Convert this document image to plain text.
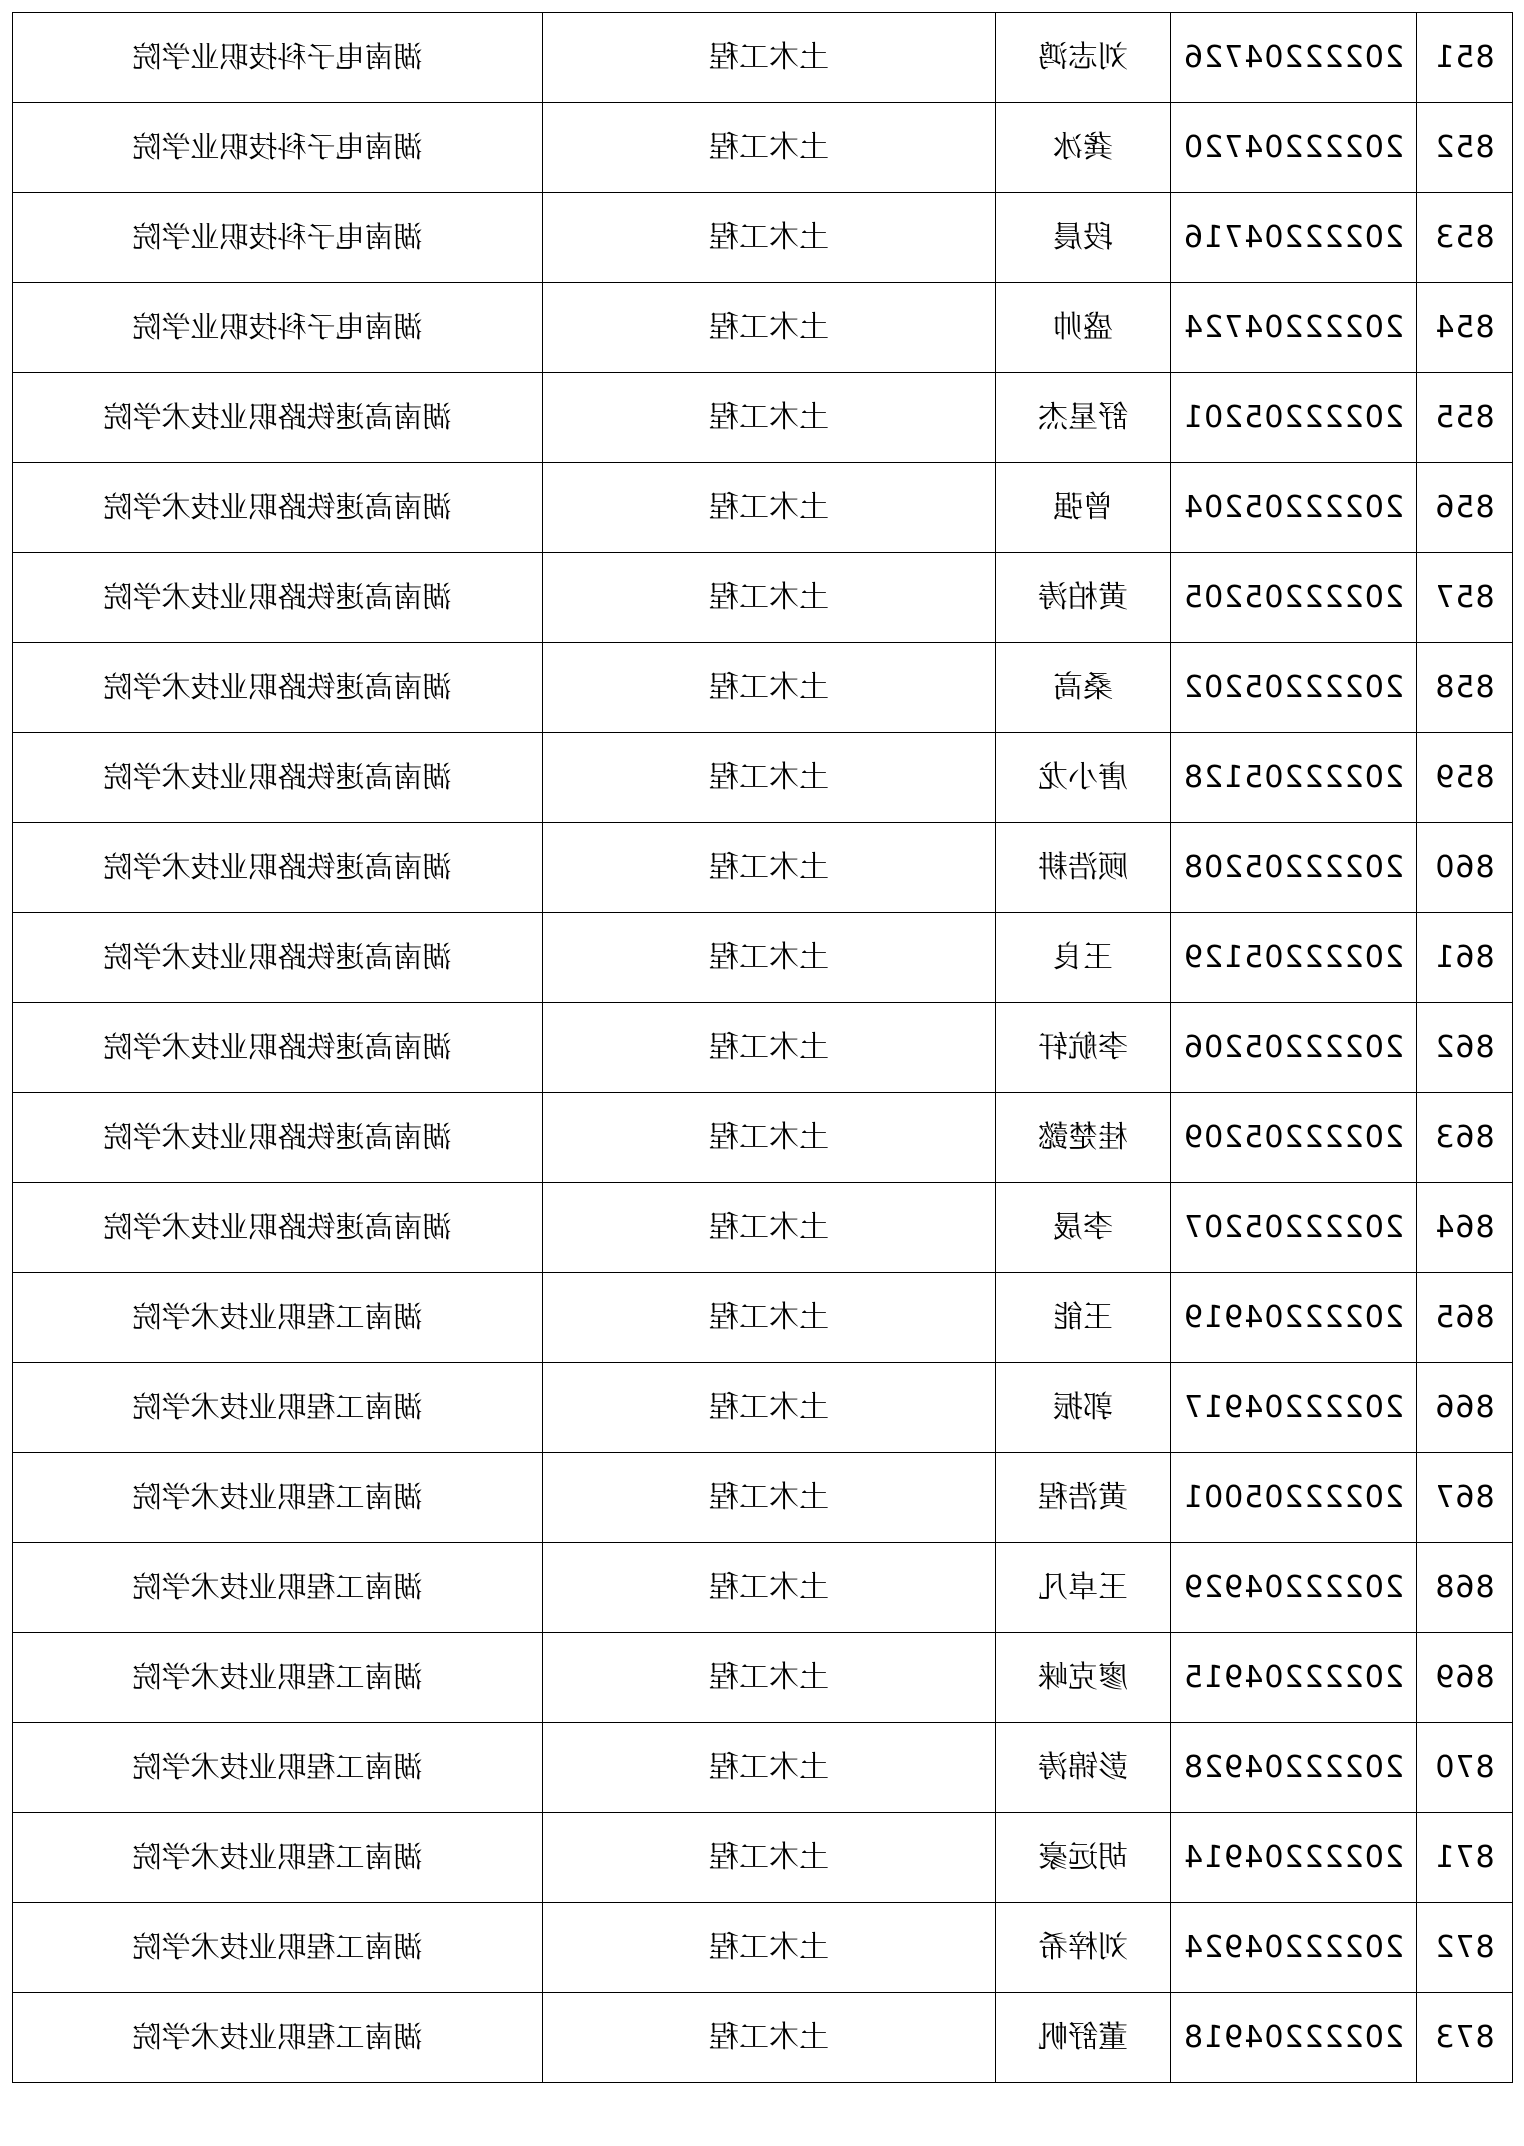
851	20222204726	刘志鸿	土木工程	湖南电子科技职业学院
852	20222204720	龚冰	土木工程	湖南电子科技职业学院
853	20222204716	段晨	土木工程	湖南电子科技职业学院
854	20222204724	盛帅	土木工程	湖南电子科技职业学院
855	20222205201	舒星杰	土木工程	湖南高速铁路职业技术学院
856	20222205204	曾强	土木工程	湖南高速铁路职业技术学院
857	20222205205	黄柏涛	土木工程	湖南高速铁路职业技术学院
858	20222205202	桑高	土木工程	湖南高速铁路职业技术学院
859	20222205128	唐小龙	土木工程	湖南高速铁路职业技术学院
860	20222205208	顾浩耕	土木工程	湖南高速铁路职业技术学院
861	20222205129	王良	土木工程	湖南高速铁路职业技术学院
862	20222205206	李航轩	土木工程	湖南高速铁路职业技术学院
863	20222205209	桂楚懿	土木工程	湖南高速铁路职业技术学院
864	20222205207	李晟	土木工程	湖南高速铁路职业技术学院
865	20222204919	王能	土木工程	湖南工程职业技术学院
866	20222204917	郭振	土木工程	湖南工程职业技术学院
867	20222205001	黄浩程	土木工程	湖南工程职业技术学院
868	20222204929	王卓凡	土木工程	湖南工程职业技术学院
869	20222204915	廖克崃	土木工程	湖南工程职业技术学院
870	20222204928	彭锦涛	土木工程	湖南工程职业技术学院
871	20222204914	胡远豪	土木工程	湖南工程职业技术学院
872	20222204924	刘梓希	土木工程	湖南工程职业技术学院
873	20222204918	董舒帆	土木工程	湖南工程职业技术学院
